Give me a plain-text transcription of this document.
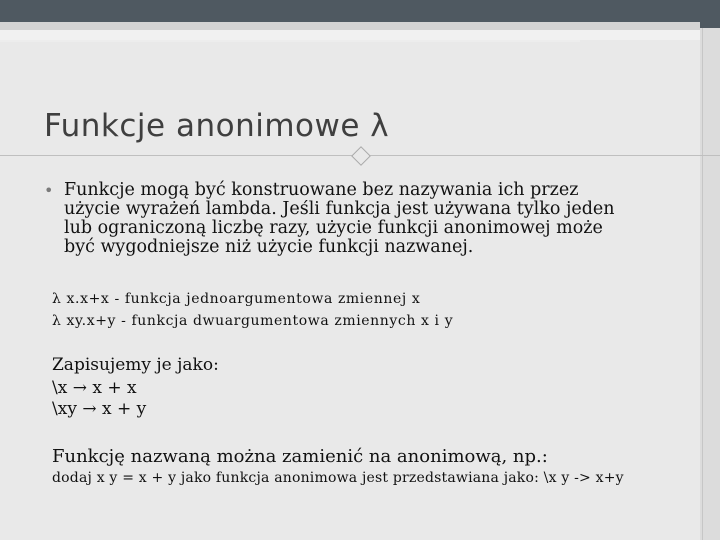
Funkcje anonimowe λ
• Funkcje mogą być konstruowane bez nazywania ich przez
użycie wyrażeń lambda. Jeśli funkcja jest używana tylko jeden
lub ograniczoną liczbę razy, użycie funkcji anonimowej może
być wygodniejsze niż użycie funkcji nazwanej.
λ x.x+x - funkcja jednoargumentowa zmiennej x
λ xy.x+y - funkcja dwuargumentowa zmiennych x i y
Zapisujemy je jako:
\x → x + x
\xy → x + y
Funkcję nazwaną można zamienić na anonimową, np.:
dodaj x y = x + y jako funkcja anonimowa jest przedstawiana jako: \x y -> x+y
